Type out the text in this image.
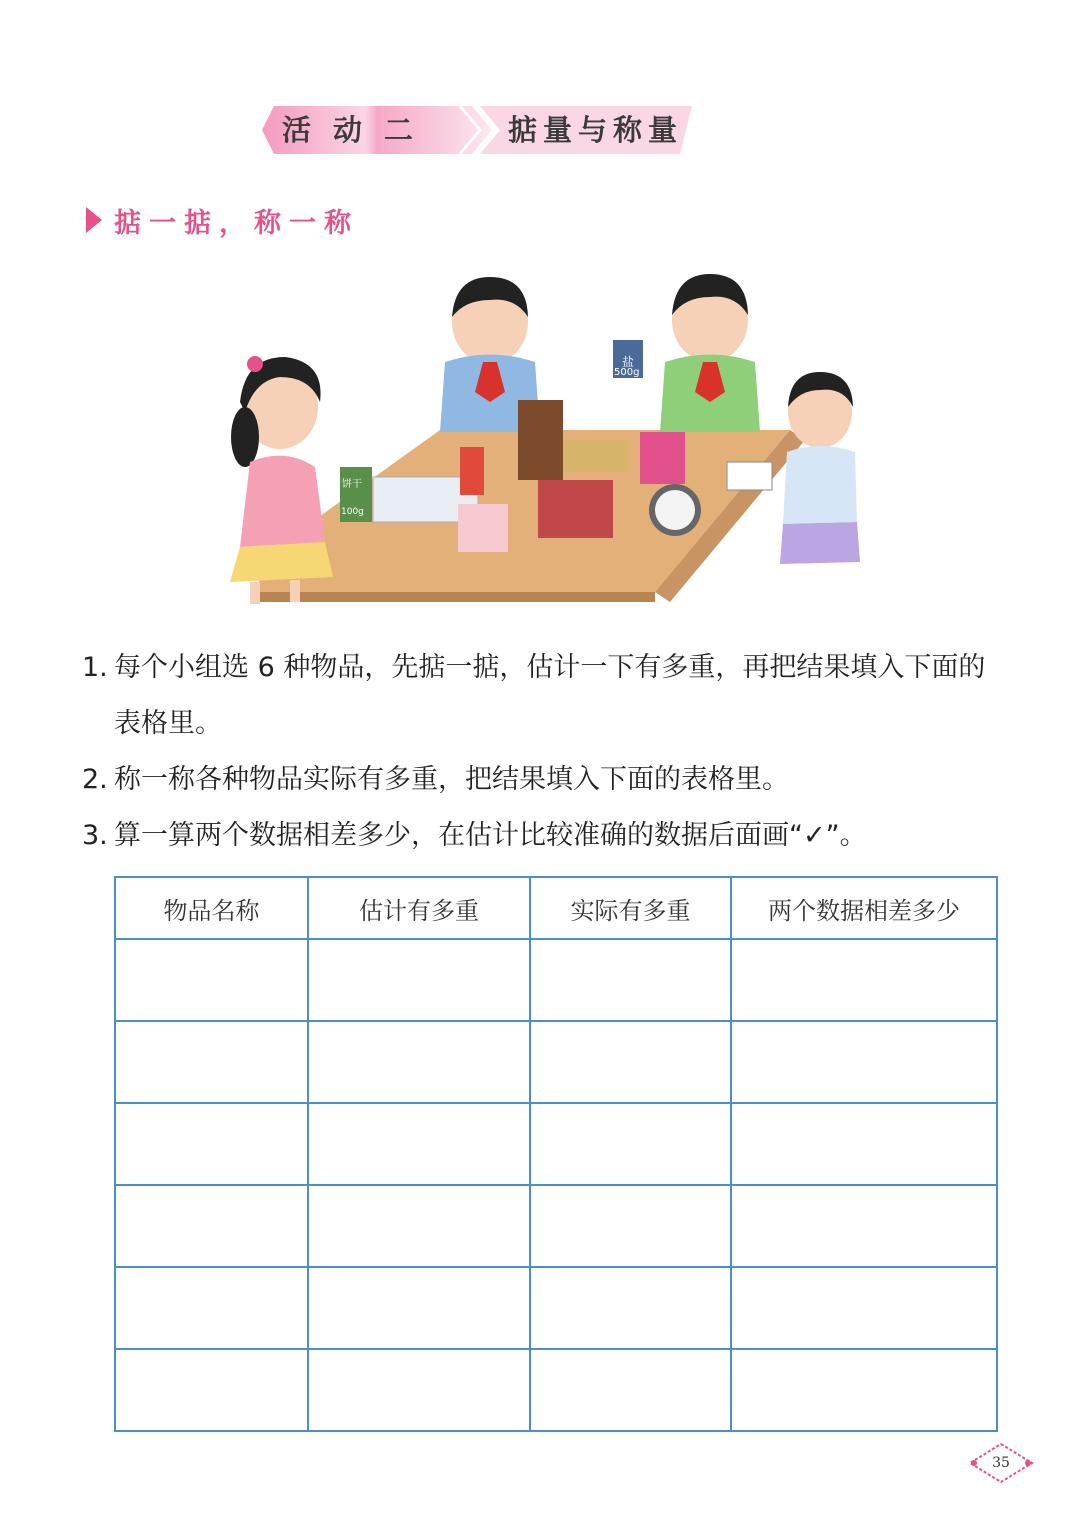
活动二	掂量与称量
掂一掂，称一称
盐
500g
饼干
100g
1. 每个小组选 6 种物品，先掂一掂，估计一下有多重，再把结果填入下面的表格里。
2. 称一称各种物品实际有多重，把结果填入下面的表格里。
3. 算一算两个数据相差多少，在估计比较准确的数据后面画“✓”。
物品名称	估计有多重	实际有多重	两个数据相差多少

35
